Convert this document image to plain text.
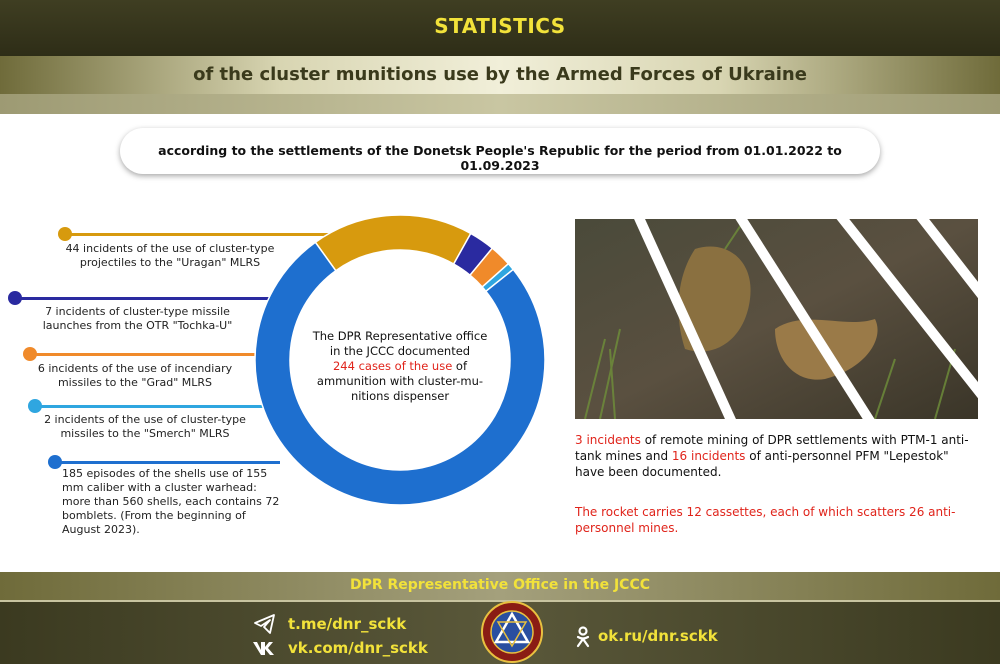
STATISTICS
of the cluster munitions use by the Armed Forces of Ukraine
according to the settlements of the Donetsk People's Republic for the period from 01.01.2022 to 01.09.2023
44 incidents of the use of cluster-type
projectiles to the "Uragan" MLRS
7 incidents of cluster-type missile
launches from the OTR "Tochka-U"
6 incidents of the use of incendiary
missiles to the "Grad" MLRS
2 incidents of the use of cluster-type
missiles to the "Smerch" MLRS
185 episodes of the shells use of 155
mm caliber with a cluster warhead:
more than 560 shells, each contains 72
bomblets. (From the beginning of
August 2023).
The DPR Representative office
in the JCCC documented
244 cases of the use of
ammunition with cluster-mu-
nitions dispenser
3 incidents of remote mining of DPR settlements with PTM-1 anti-tank mines and 16 incidents of anti-personnel PFM "Lepestok" have been documented.
The rocket carries 12 cassettes, each of which scatters 26 anti-personnel mines.
DPR Representative Office in the JCCC
t.me/dnr_sckk
vk.com/dnr_sckk
ok.ru/dnr.sckk
